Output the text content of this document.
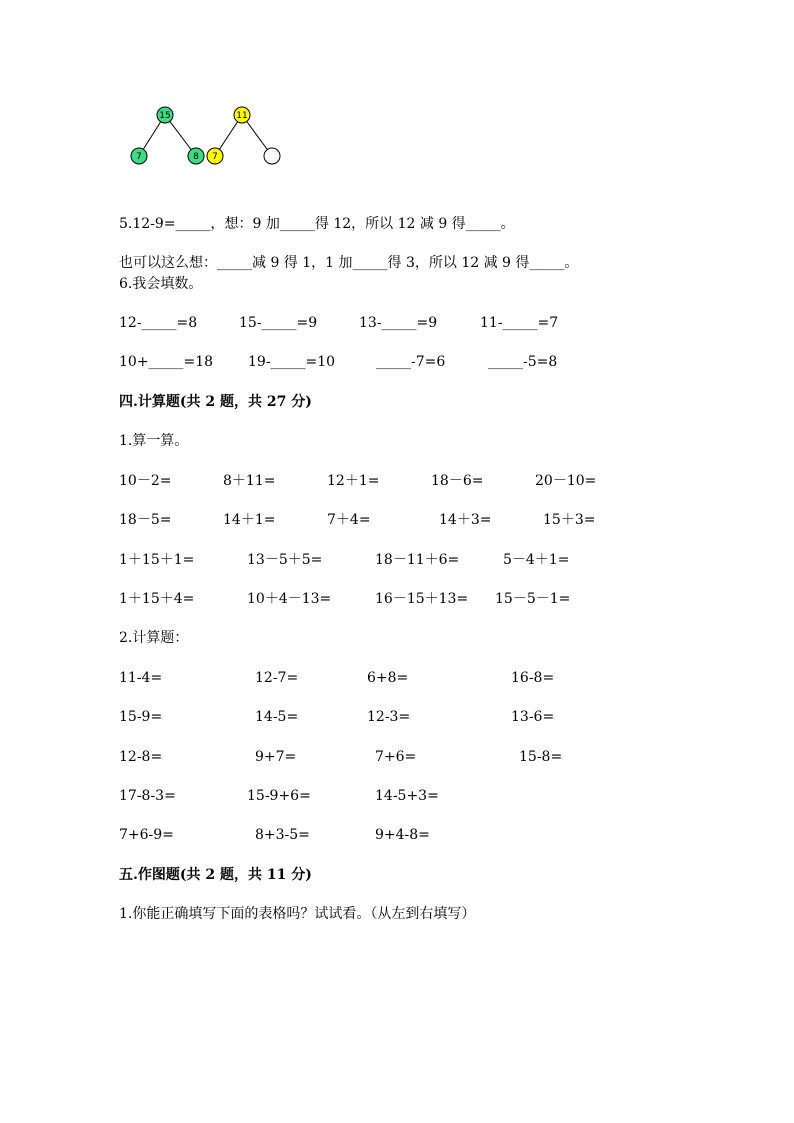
15
7	8
11
7
5.12-9=_____，想：9 加_____得 12，所以 12 减 9 得_____。
也可以这么想：_____减 9 得 1，1 加_____得 3，所以 12 减 9 得_____。
6.我会填数。
12-_____=8	15-_____=9	13-_____=9	11-_____=7
10+_____=18 19-_____=10	_____-7=6	_____-5=8
四.计算题(共 2 题，共 27 分)
1.算一算。
10－2=	8＋11=	12＋1=	18－6=	20－10=
18－5=	14＋1=	7＋4=	14＋3=	15＋3=
1＋15＋1=	13－5＋5=	18－11＋6=	5－4＋1=
1＋15＋4=	10＋4－13=	16－15＋13= 15－5－1=
2.计算题：
11-4=	12-7=	6+8=	16-8=
15-9=	14-5=	12-3=	13-6=
12-8=	9+7=	7+6=	15-8=
17-8-3=	15-9+6=	14-5+3=
7+6-9=	8+3-5=	9+4-8=
五.作图题(共 2 题，共 11 分)
1.你能正确填写下面的表格吗？试试看。（从左到右填写）
